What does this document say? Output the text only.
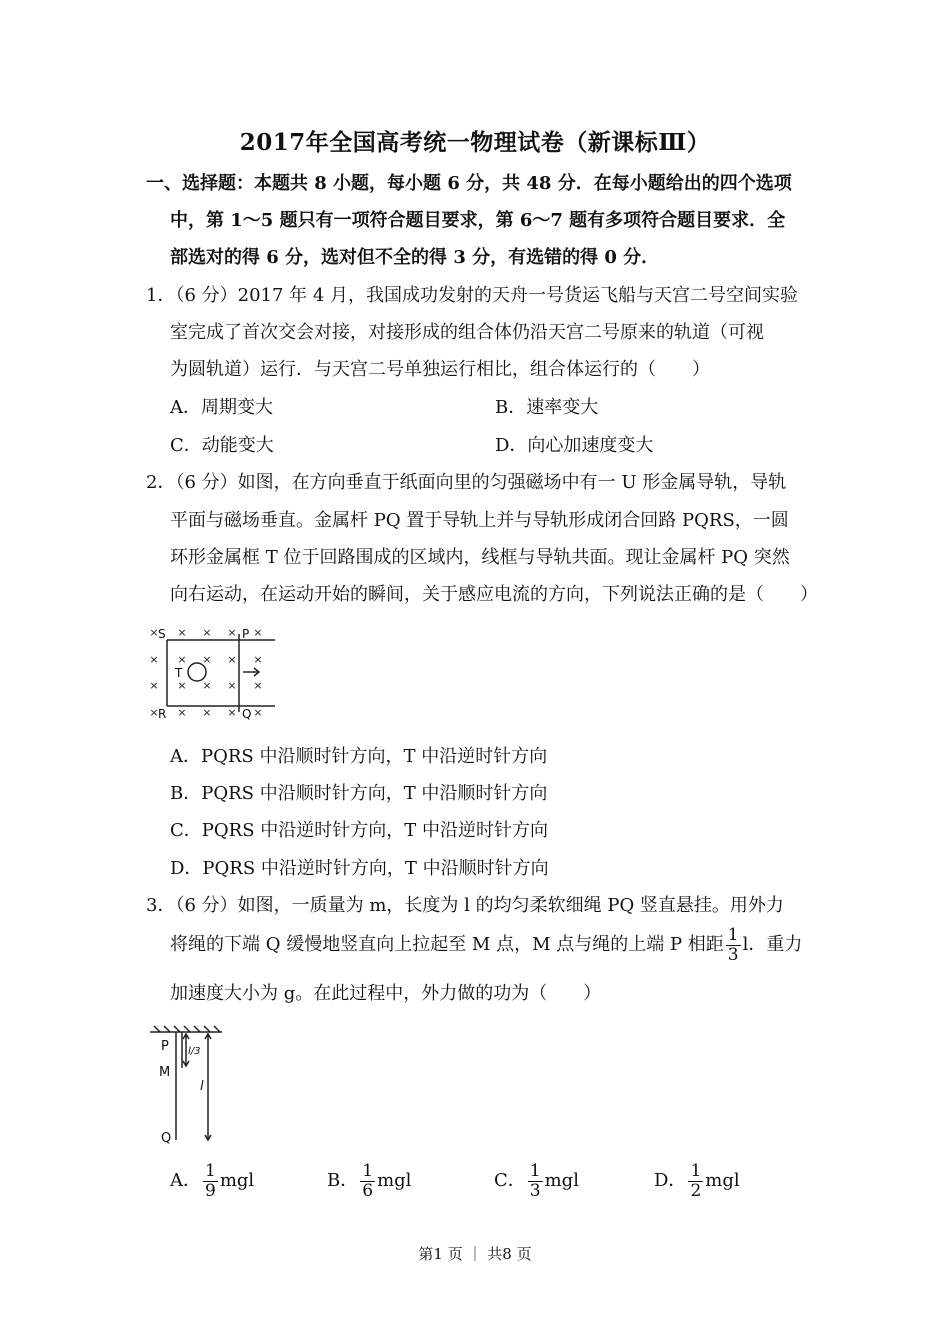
2017年全国高考统一物理试卷（新课标Ⅲ）
一、选择题：本题共 8 小题，每小题 6 分，共 48 分．在每小题给出的四个选项
中，第 1～5 题只有一项符合题目要求，第 6～7 题有多项符合题目要求．全
部选对的得 6 分，选对但不全的得 3 分，有选错的得 0 分．
1．（6 分）2017 年 4 月，我国成功发射的天舟一号货运飞船与天宫二号空间实验
室完成了首次交会对接，对接形成的组合体仍沿天宫二号原来的轨道（可视
为圆轨道）运行．与天宫二号单独运行相比，组合体运行的（　　）
A．周期变大	B．速率变大
C．动能变大	D．向心加速度变大
2．（6 分）如图，在方向垂直于纸面向里的匀强磁场中有一 U 形金属导轨，导轨
平面与磁场垂直。金属杆 PQ 置于导轨上并与导轨形成闭合回路 PQRS，一圆
环形金属框 T 位于回路围成的区域内，线框与导轨共面。现让金属杆 PQ 突然
向右运动，在运动开始的瞬间，关于感应电流的方向，下列说法正确的是（　　）
× × × × ×
× × × × ×
× × × × ×
× × × × ×
S	P
R	Q
T
A．PQRS 中沿顺时针方向，T 中沿逆时针方向
B．PQRS 中沿顺时针方向，T 中沿顺时针方向
C．PQRS 中沿逆时针方向，T 中沿逆时针方向
D．PQRS 中沿逆时针方向，T 中沿顺时针方向
3．（6 分）如图，一质量为 m，长度为 l 的均匀柔软细绳 PQ 竖直悬挂。用外力
将绳的下端 Q 缓慢地竖直向上拉起至 M 点，M 点与绳的上端 P 相距 $\frac{1}{3}$ l．重力
加速度大小为 g。在此过程中，外力做的功为（　　）
P
M
Q
l/3
l
A． $\frac{1}{9}$ mgl	B． $\frac{1}{6}$ mgl	C． $\frac{1}{3}$ mgl	D． $\frac{1}{2}$ mgl
第1 页 ｜ 共8 页
